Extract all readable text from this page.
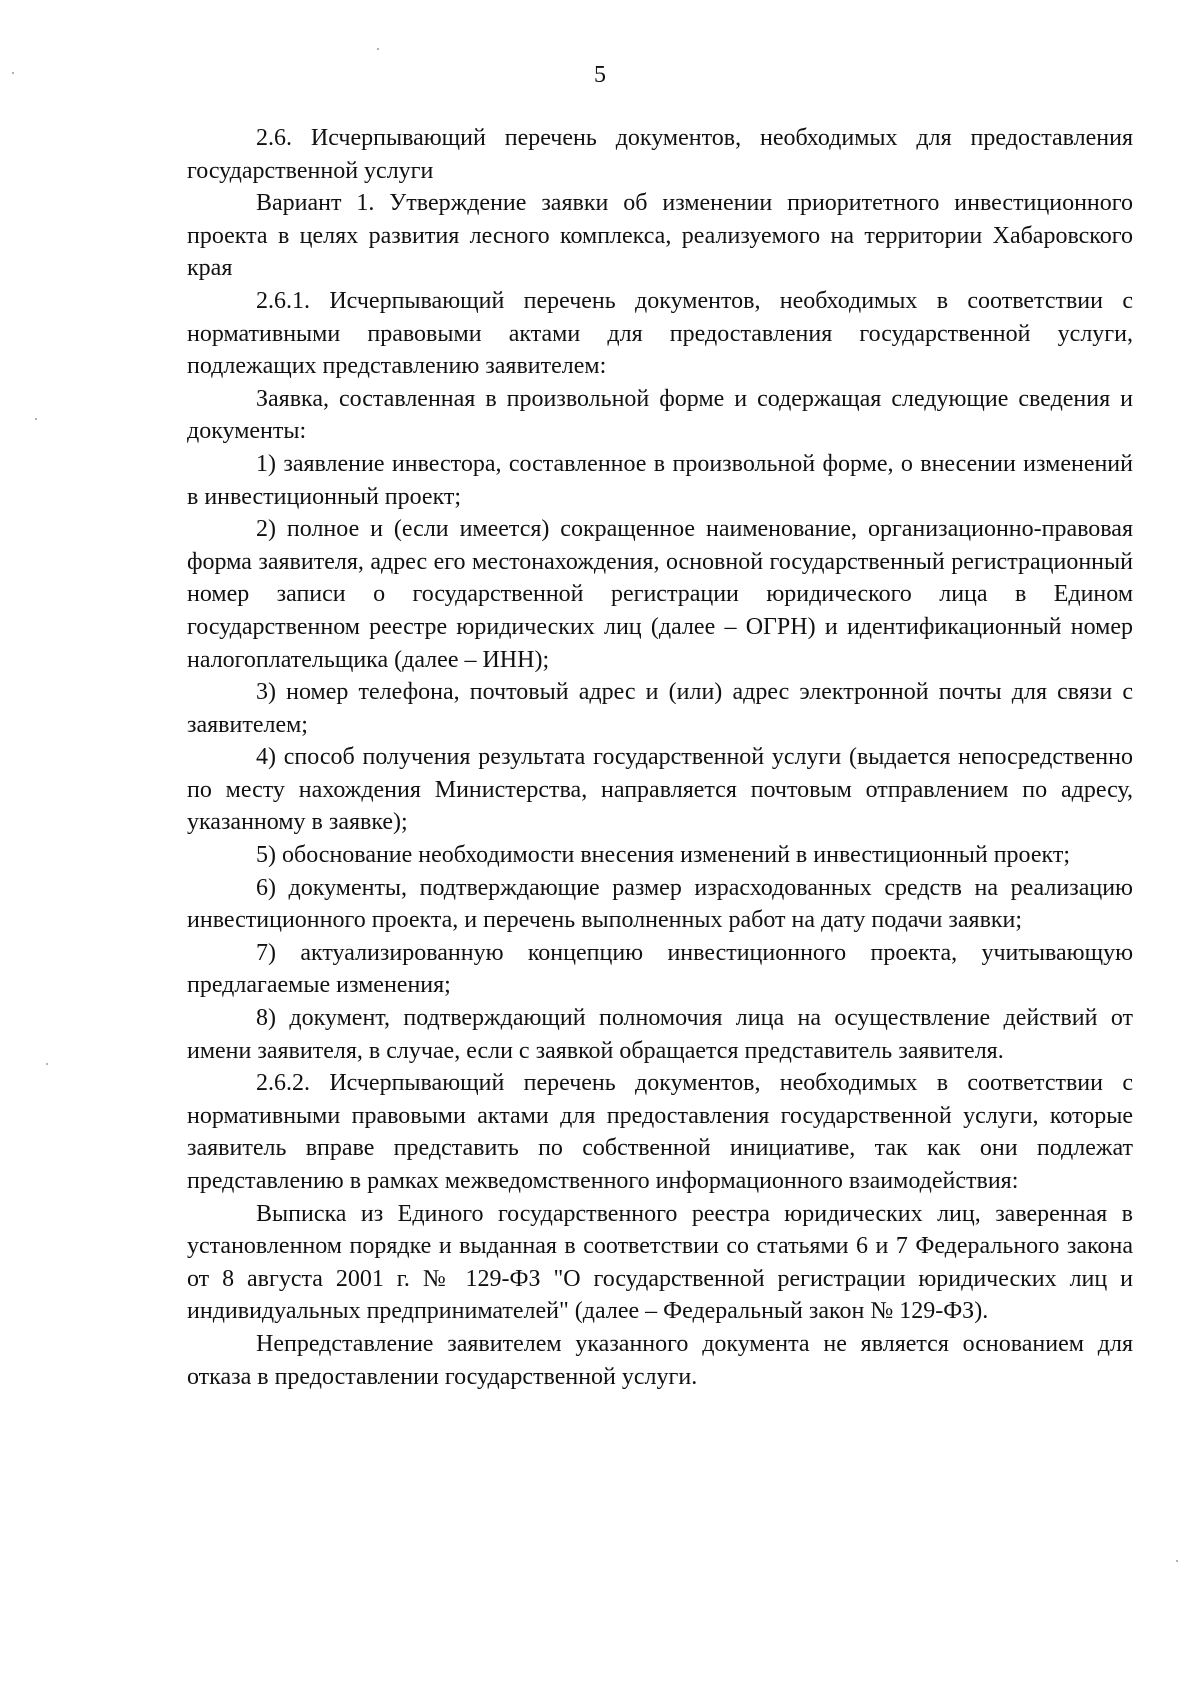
5

2.6. Исчерпывающий перечень документов, необходимых для предоставления государственной услуги

Вариант 1. Утверждение заявки об изменении приоритетного инвестиционного проекта в целях развития лесного комплекса, реализуемого на территории Хабаровского края

2.6.1. Исчерпывающий перечень документов, необходимых в соответствии с нормативными правовыми актами для предоставления государственной услуги, подлежащих представлению заявителем:

Заявка, составленная в произвольной форме и содержащая следующие сведения и документы:

1) заявление инвестора, составленное в произвольной форме, о внесении изменений в инвестиционный проект;

2) полное и (если имеется) сокращенное наименование, организационно-правовая форма заявителя, адрес его местонахождения, основной государственный регистрационный номер записи о государственной регистрации юридического лица в Едином государственном реестре юридических лиц (далее – ОГРН) и идентификационный номер налогоплательщика (далее – ИНН);

3) номер телефона, почтовый адрес и (или) адрес электронной почты для связи с заявителем;

4) способ получения результата государственной услуги (выдается непосредственно по месту нахождения Министерства, направляется почтовым отправлением по адресу, указанному в заявке);

5) обоснование необходимости внесения изменений в инвестиционный проект;

6) документы, подтверждающие размер израсходованных средств на реализацию инвестиционного проекта, и перечень выполненных работ на дату подачи заявки;

7) актуализированную концепцию инвестиционного проекта, учитывающую предлагаемые изменения;

8) документ, подтверждающий полномочия лица на осуществление действий от имени заявителя, в случае, если с заявкой обращается представитель заявителя.

2.6.2. Исчерпывающий перечень документов, необходимых в соответствии с нормативными правовыми актами для предоставления государственной услуги, которые заявитель вправе представить по собственной инициативе, так как они подлежат представлению в рамках межведомственного информационного взаимодействия:

Выписка из Единого государственного реестра юридических лиц, заверенная в установленном порядке и выданная в соответствии со статьями 6 и 7 Федерального закона от 8 августа 2001 г. № 129-ФЗ "О государственной регистрации юридических лиц и индивидуальных предпринимателей" (далее – Федеральный закон № 129-ФЗ).

Непредставление заявителем указанного документа не является основанием для отказа в предоставлении государственной услуги.
